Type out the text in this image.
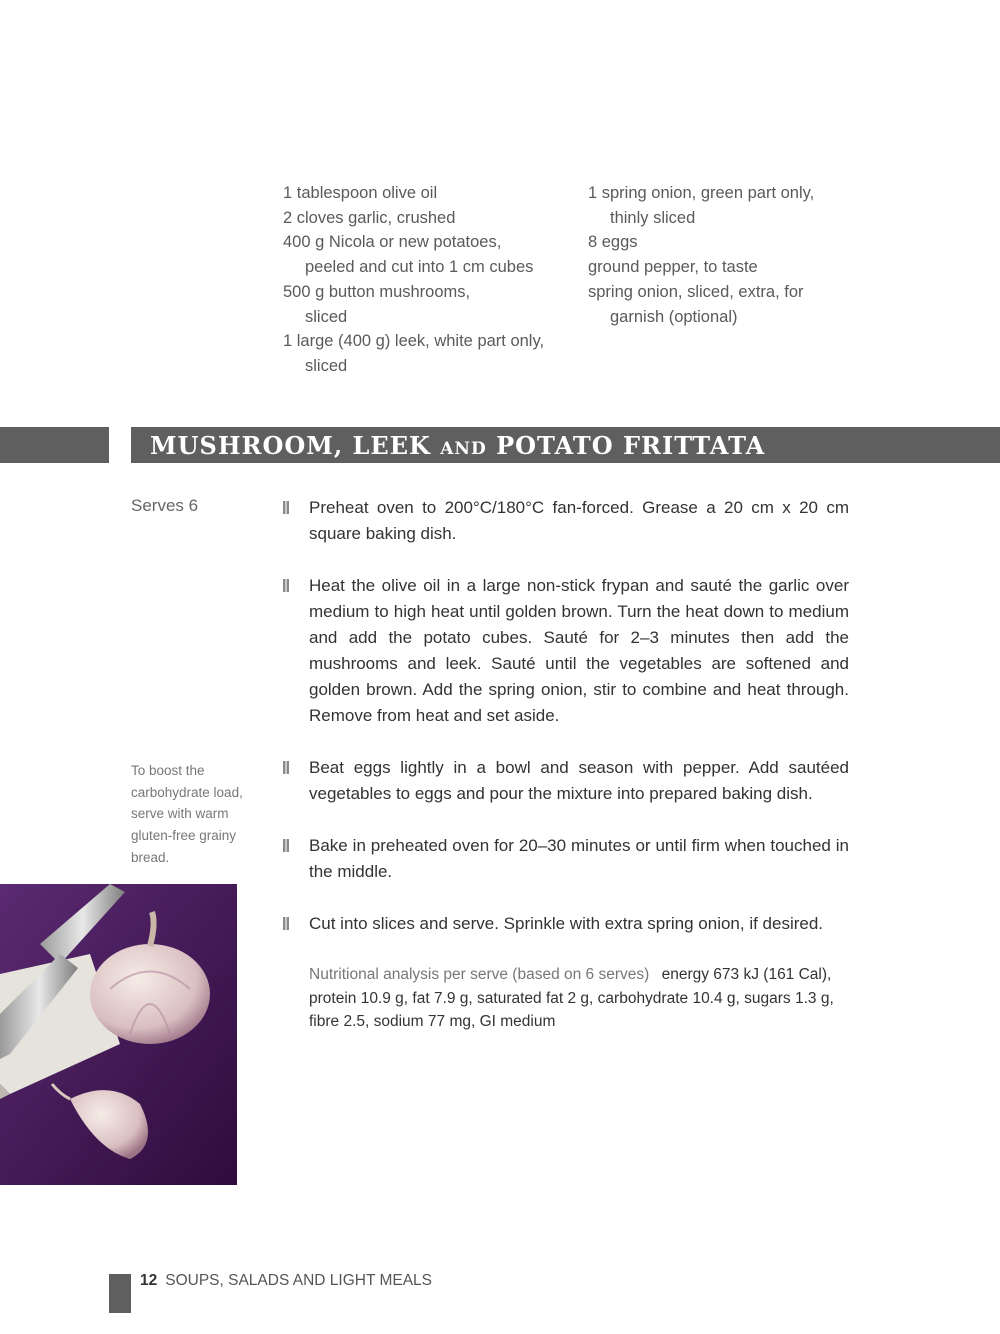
1 tablespoon olive oil

2 cloves garlic, crushed

400 g Nicola or new potatoes,
peeled and cut into 1 cm cubes

500 g button mushrooms,
sliced

1 large (400 g) leek, white part only,
sliced

1 spring onion, green part only,
thinly sliced

8 eggs

ground pepper, to taste

spring onion, sliced, extra, for
garnish (optional)

MUSHROOM, LEEK AND POTATO FRITTATA
Serves 6
To boost the carbohydrate load, serve with warm gluten-free grainy bread.
Preheat oven to 200°C/180°C fan-forced. Grease a 20 cm x 20 cm square baking dish.
Heat the olive oil in a large non-stick frypan and sauté the garlic over medium to high heat until golden brown. Turn the heat down to medium and add the potato cubes. Sauté for 2–3 minutes then add the mushrooms and leek. Sauté until the vegetables are softened and golden brown. Add the spring onion, stir to combine and heat through. Remove from heat and set aside.
Beat eggs lightly in a bowl and season with pepper. Add sautéed vegetables to eggs and pour the mixture into prepared baking dish.
Bake in preheated oven for 20–30 minutes or until firm when touched in the middle.
Cut into slices and serve. Sprinkle with extra spring onion, if desired.
Nutritional analysis per serve (based on 6 serves) energy 673 kJ (161 Cal), protein 10.9 g, fat 7.9 g, saturated fat 2 g, carbohydrate 10.4 g, sugars 1.3 g, fibre 2.5, sodium 77 mg, GI medium
12 SOUPS, SALADS AND LIGHT MEALS
